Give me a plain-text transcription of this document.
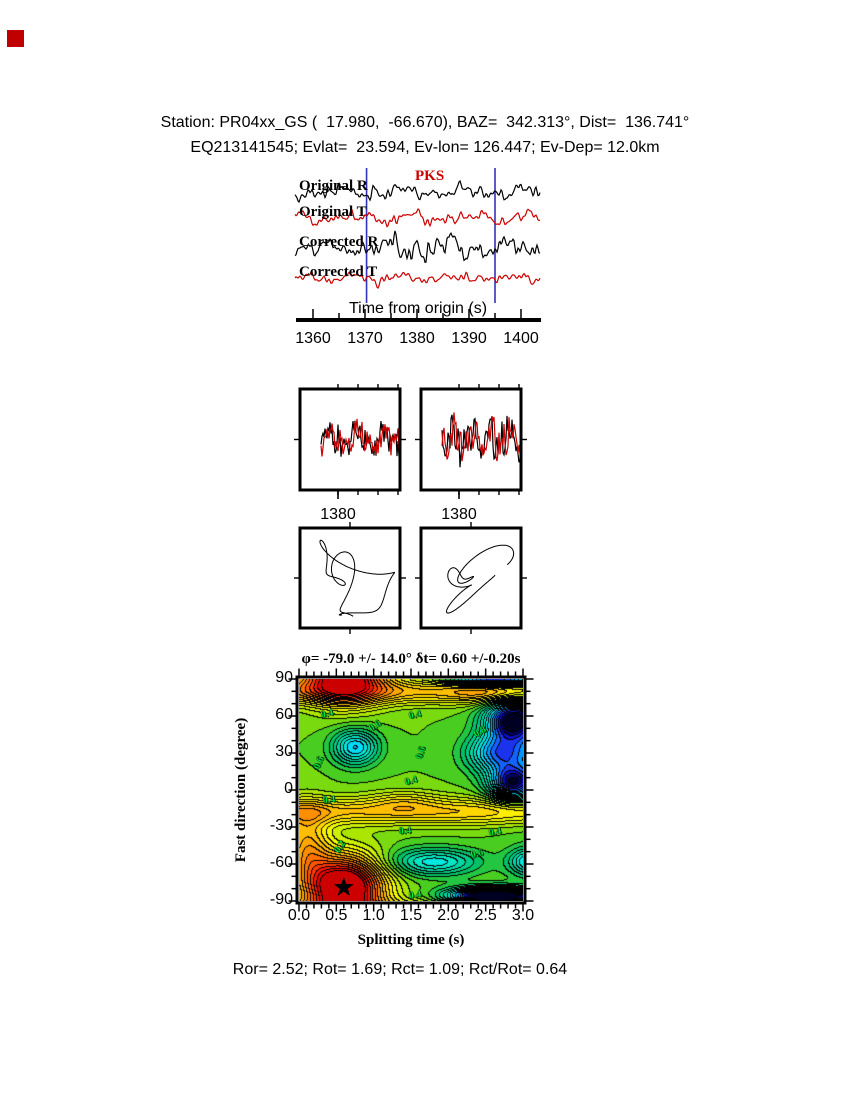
Station: PR04xx_GS (  17.980,  -66.670), BAZ=  342.313°, Dist=  136.741°
EQ213141545; Evlat=  23.594, Ev-lon= 126.447; Ev-Dep= 12.0km
Original R
Original T
Corrected R
Corrected T
PKS
1360	1370	1380	1390	1400
Time from origin (s)
1380	1380
φ= -79.0 +/- 14.0° δt= 0.60 +/-0.20s
90
60
30
0
-30
-60
-90
0.0 0.5 1.0 1.5 2.0 2.5 3.0
Fast direction (degree)
Splitting time (s)
0.4
0.6
0.4
0.8
0.6
0.6
0.4
0.4
0.2
0.4	0.4
0.6
0.4
Ror= 2.52; Rot= 1.69; Rct= 1.09; Rct/Rot= 0.64
